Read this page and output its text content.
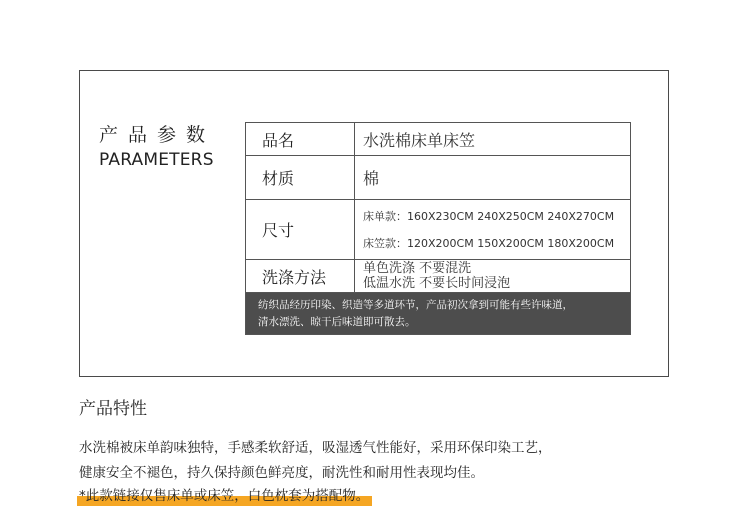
产品参数
PARAMETERS
品名	水洗棉床单床笠
材质	棉
尺寸
床单款：160X230CM 240X250CM 240X270CM
床笠款：120X200CM 150X200CM 180X200CM
洗涤方法	单色洗涤 不要混洗
低温水洗 不要长时间浸泡
纺织品经历印染、织造等多道环节，产品初次拿到可能有些许味道，
清水漂洗、晾干后味道即可散去。
产品特性
水洗棉被床单韵味独特，手感柔软舒适，吸湿透气性能好，采用环保印染工艺，
健康安全不褪色，持久保持颜色鲜亮度，耐洗性和耐用性表现均佳。
*此款链接仅售床单或床笠，白色枕套为搭配物。
